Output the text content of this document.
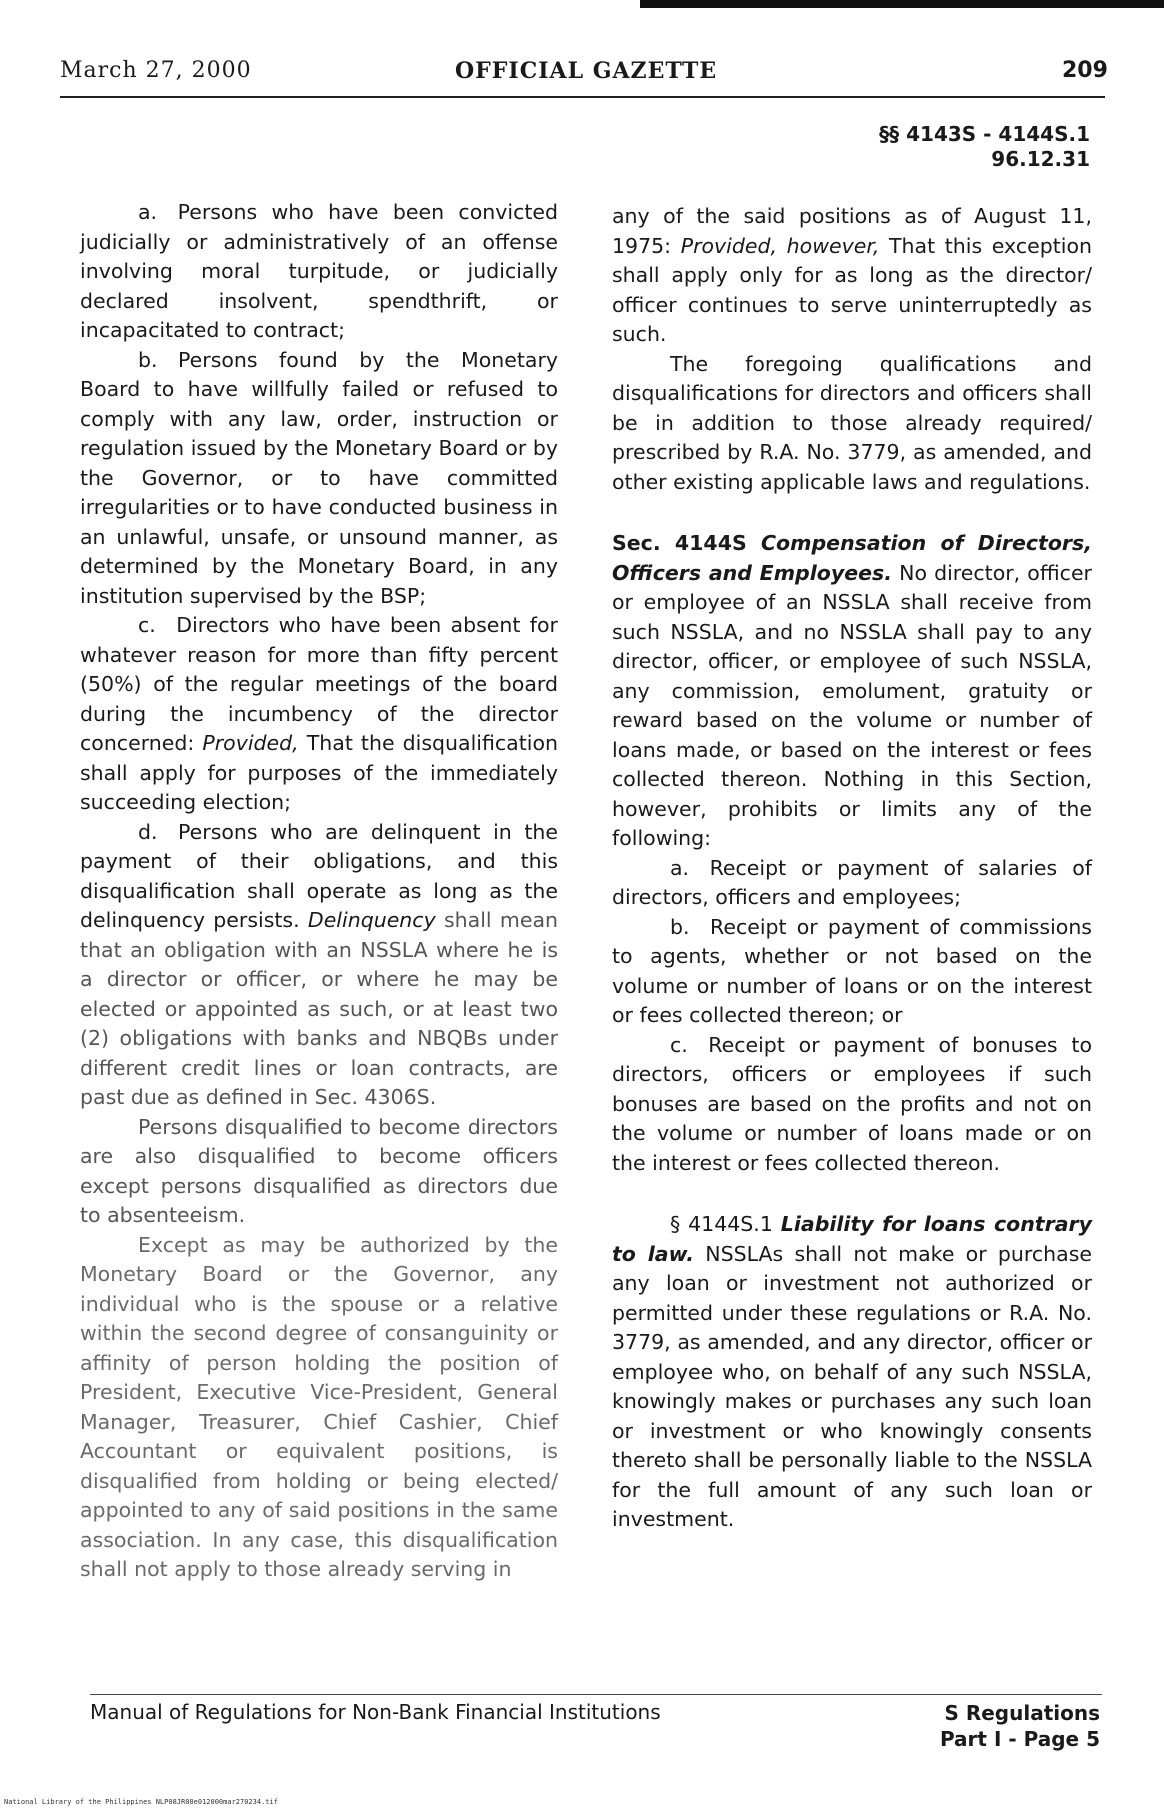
March 27, 2000	OFFICIAL GAZETTE	209
§§ 4143S - 4144S.1
96.12.31

a. Persons who have been convicted judicially or administratively of an offense involving moral turpitude, or judicially declared insolvent, spendthrift, or incapacitated to contract;

b. Persons found by the Monetary Board to have willfully failed or refused to comply with any law, order, instruction or regulation issued by the Monetary Board or by the Governor, or to have committed irregularities or to have conducted business in an unlawful, unsafe, or unsound manner, as determined by the Monetary Board, in any institution supervised by the BSP;

c. Directors who have been absent for whatever reason for more than fifty percent (50%) of the regular meetings of the board during the incumbency of the director concerned: Provided, That the disqualification shall apply for purposes of the immediately succeeding election;

d. Persons who are delinquent in the payment of their obligations, and this disqualification shall operate as long as the delinquency persists. Delinquency shall mean that an obligation with an NSSLA where he is a director or officer, or where he may be elected or appointed as such, or at least two (2) obligations with banks and NBQBs under different credit lines or loan contracts, are past due as defined in Sec. 4306S.

Persons disqualified to become directors are also disqualified to become officers except persons disqualified as directors due to absenteeism.

Except as may be authorized by the Monetary Board or the Governor, any individual who is the spouse or a relative within the second degree of consanguinity or affinity of person holding the position of President, Executive Vice-President, General Manager, Treasurer, Chief Cashier, Chief Accountant or equivalent positions, is disqualified from holding or being elected/ appointed to any of said positions in the same association. In any case, this disqualification shall not apply to those already serving in

any of the said positions as of August 11, 1975: Provided, however, That this exception shall apply only for as long as the director/ officer continues to serve uninterruptedly as such.

The foregoing qualifications and disqualifications for directors and officers shall be in addition to those already required/ prescribed by R.A. No. 3779, as amended, and other existing applicable laws and regulations.

Sec. 4144S Compensation of Directors, Officers and Employees. No director, officer or employee of an NSSLA shall receive from such NSSLA, and no NSSLA shall pay to any director, officer, or employee of such NSSLA, any commission, emolument, gratuity or reward based on the volume or number of loans made, or based on the interest or fees collected thereon. Nothing in this Section, however, prohibits or limits any of the following:

a. Receipt or payment of salaries of directors, officers and employees;

b. Receipt or payment of commissions to agents, whether or not based on the volume or number of loans or on the interest or fees collected thereon; or

c. Receipt or payment of bonuses to directors, officers or employees if such bonuses are based on the profits and not on the volume or number of loans made or on the interest or fees collected thereon.

§ 4144S.1 Liability for loans contrary to law. NSSLAs shall not make or purchase any loan or investment not authorized or permitted under these regulations or R.A. No. 3779, as amended, and any director, officer or employee who, on behalf of any such NSSLA, knowingly makes or purchases any such loan or investment or who knowingly consents thereto shall be personally liable to the NSSLA for the full amount of any such loan or investment.

Manual of Regulations for Non-Bank Financial Institutions	S Regulations
Part I - Page 5
National Library of the Philippines NLP08JR00e012000mar270234.tif
